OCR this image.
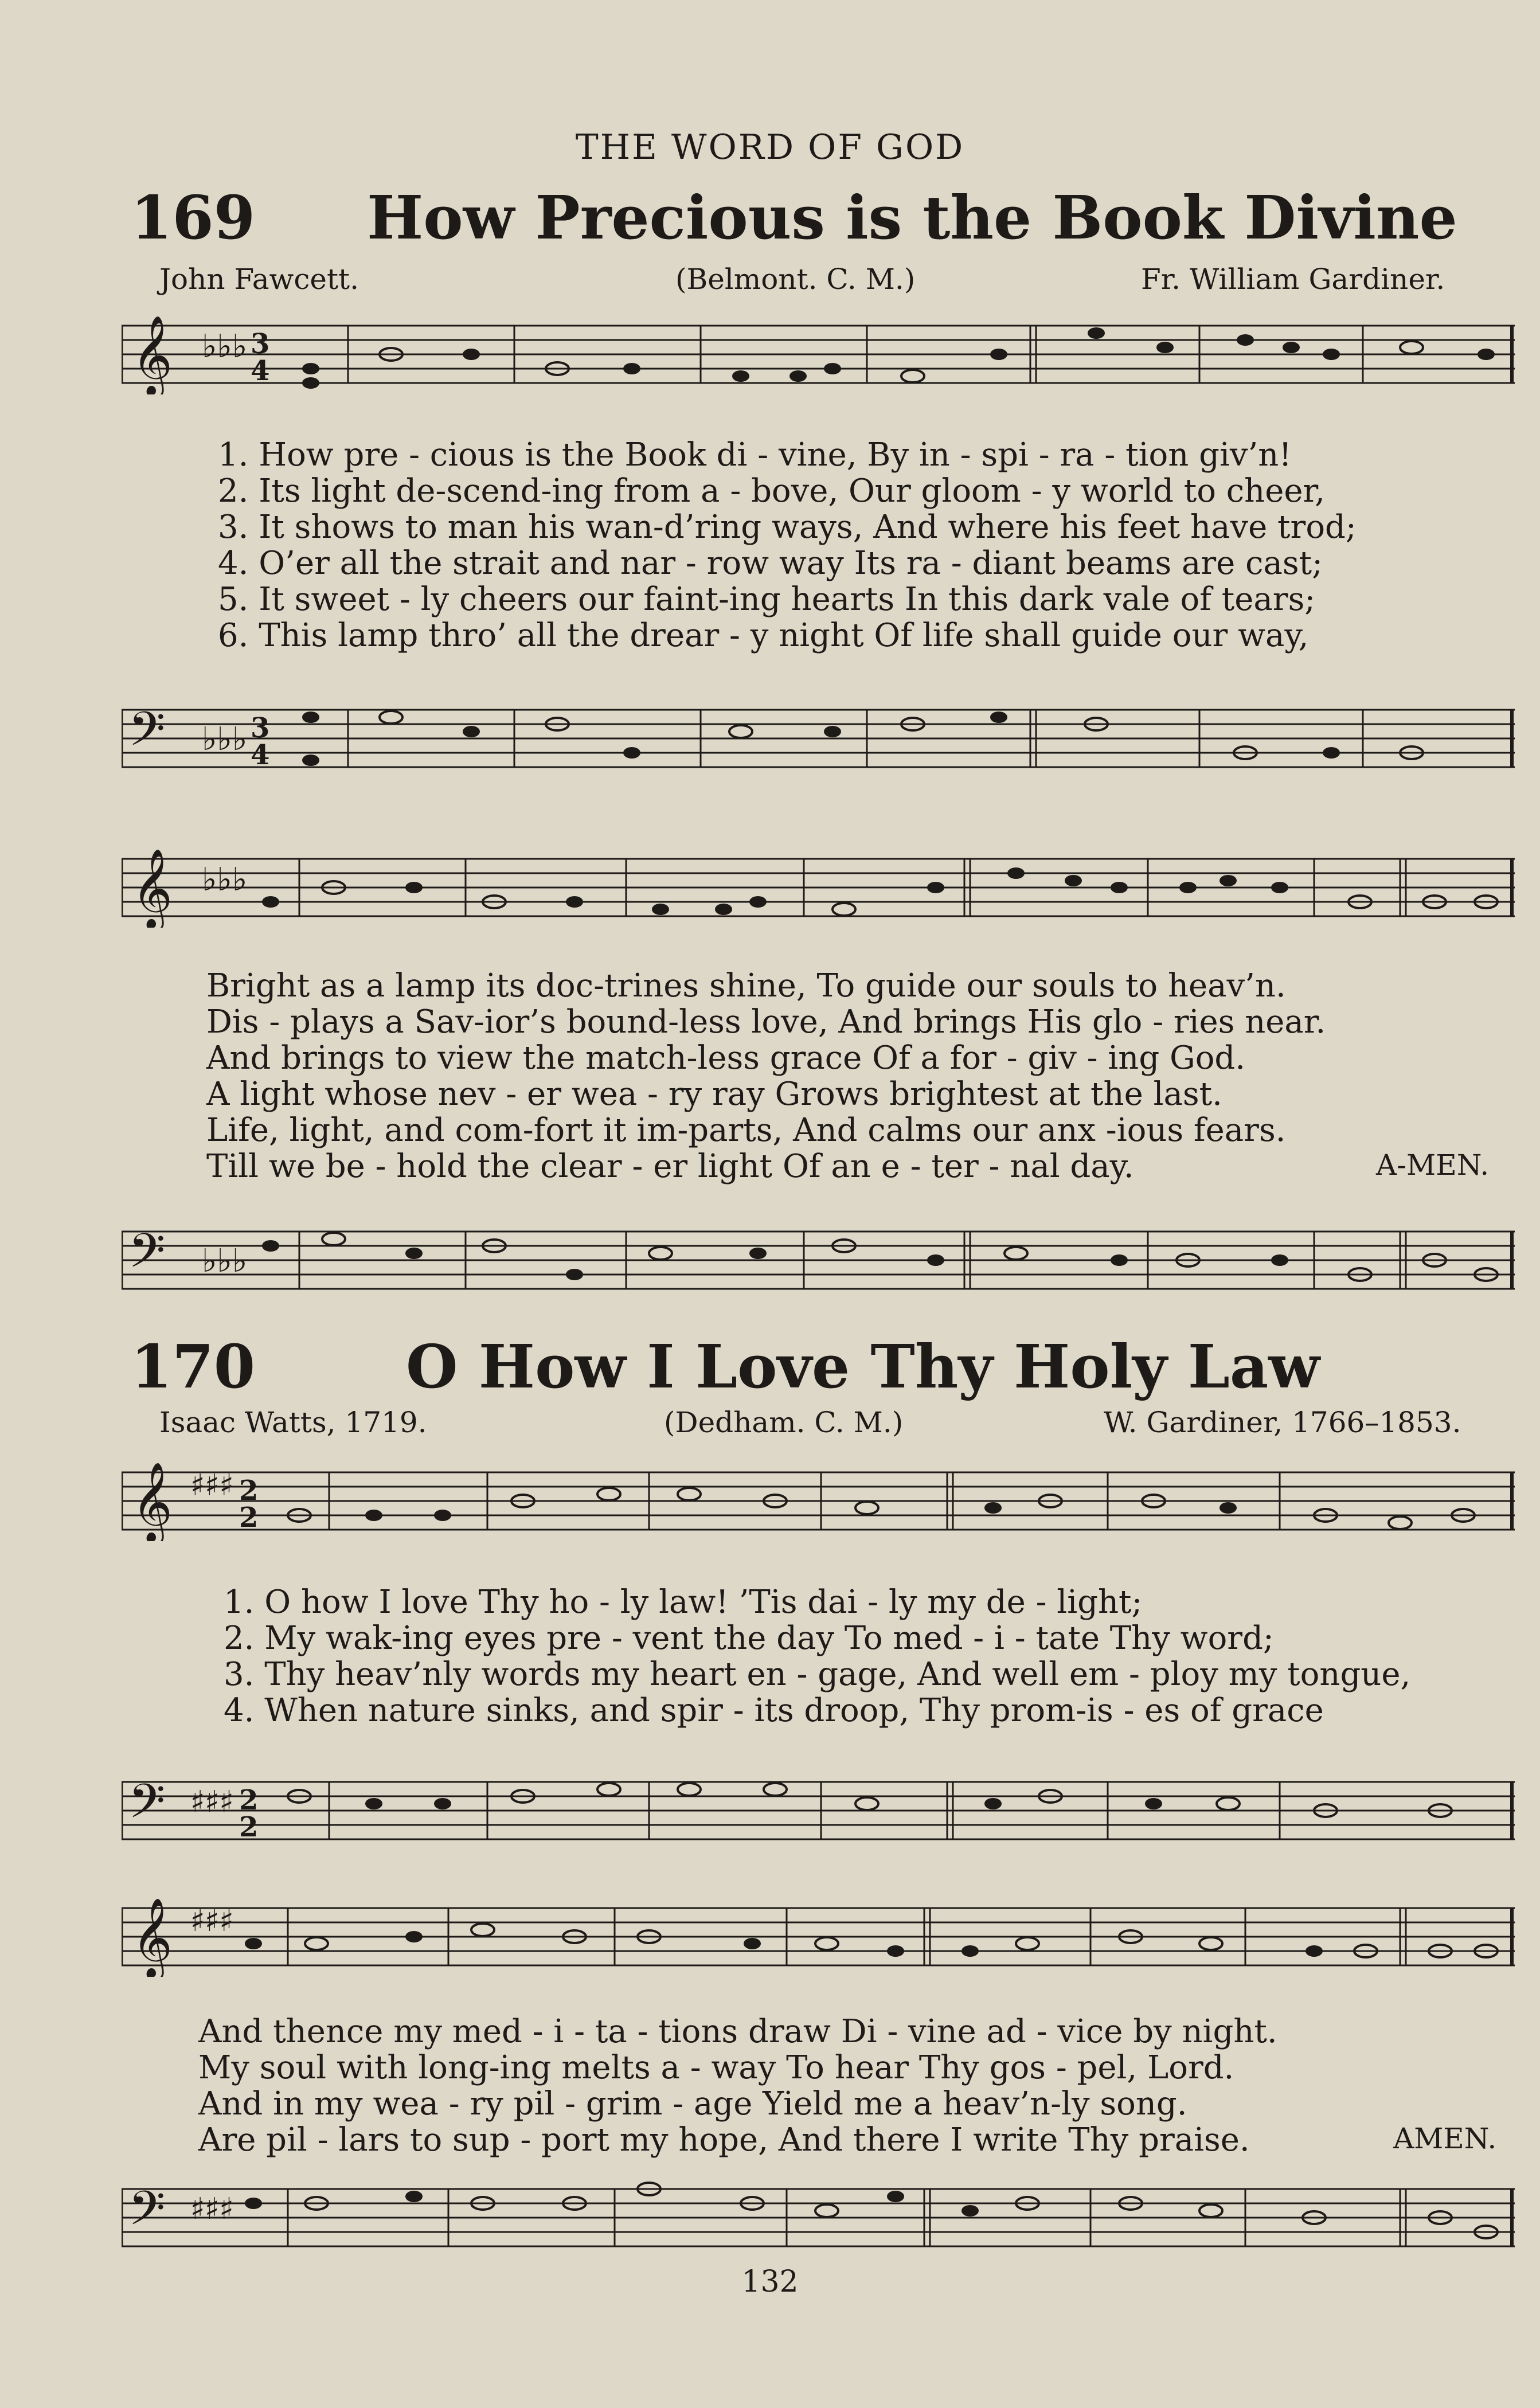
THE WORD OF GOD
169 How Precious is the Book Divine
John Fawcett.	(Belmont. C. M.)	Fr. William Gardiner.
𝄞 ♭♭♭ 3
4
1. How pre - cious is the Book di - vine, By in - spi - ra - tion giv’n!
2. Its light de-scend-ing from a - bove, Our gloom - y world to cheer,
3. It shows to man his wan-d’ring ways, And where his feet have trod;
4. O’er all the strait and nar - row way Its ra - diant beams are cast;
5. It sweet - ly cheers our faint-ing hearts In this dark vale of tears;
6. This lamp thro’ all the drear - y night Of life shall guide our way,
𝄢 ♭♭♭ 3
4
𝄞 ♭♭♭
Bright as a lamp its doc-trines shine, To guide our souls to heav’n.
Dis - plays a Sav-ior’s bound-less love, And brings His glo - ries near.
And brings to view the match-less grace Of a for - giv - ing God.
A light whose nev - er wea - ry ray Grows brightest at the last.
Life, light, and com-fort it im-parts, And calms our anx -ious fears.
Till we be - hold the clear - er light Of an e - ter - nal day.	A-MEN.
𝄢 ♭♭♭
170	O How I Love Thy Holy Law
Isaac Watts, 1719.	(Dedham. C. M.)	W. Gardiner, 1766–1853.
𝄞 ♯♯♯ 2
2
1. O how I love Thy ho - ly law! ’Tis dai - ly my de - light;
2. My wak-ing eyes pre - vent the day To med - i - tate Thy word;
3. Thy heav’nly words my heart en - gage, And well em - ploy my tongue,
4. When nature sinks, and spir - its droop, Thy prom-is - es of grace
𝄢 ♯♯♯ 2
2
𝄞 ♯♯♯
And thence my med - i - ta - tions draw Di - vine ad - vice by night.
My soul with long-ing melts a - way To hear Thy gos - pel, Lord.
And in my wea - ry pil - grim - age Yield me a heav’n-ly song.
Are pil - lars to sup - port my hope, And there I write Thy praise.	AMEN.
𝄢 ♯♯♯
132
